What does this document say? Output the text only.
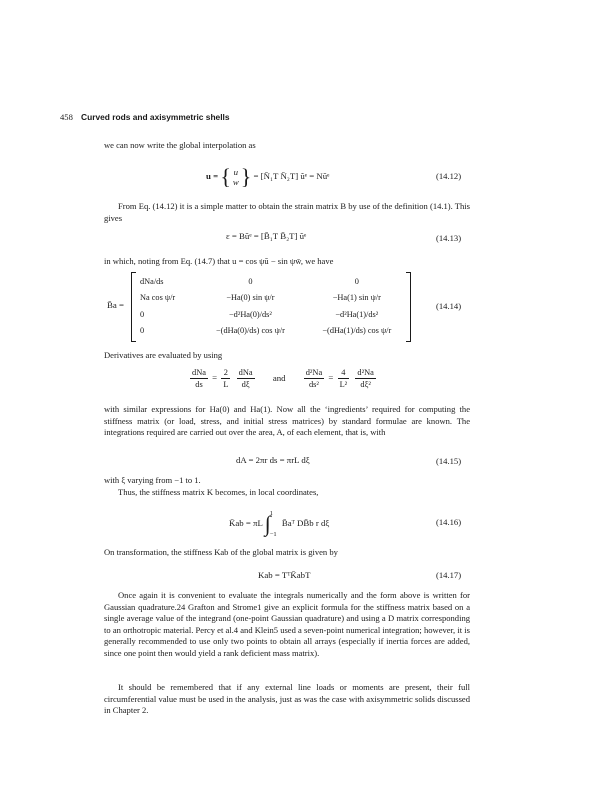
458 Curved rods and axisymmetric shells

we can now write the global interpolation as

u = { u
w } = [N̄₁T N̄₂T] ũᵉ = Nũᵉ	(14.12)

From Eq. (14.12) it is a simple matter to obtain the strain matrix B by use of the definition (14.1). This gives

ε = Bũᵉ = [B̄₁T B̄₂T] ũᵉ	(14.13)

in which, noting from Eq. (14.7) that u = cos ψū − sin ψw̄, we have

B̄a =
dNa/ds	0	0
Na cos ψ/r	−Ha(0) sin ψ/r	−Ha(1) sin ψ/r
0	−d²Ha(0)/ds²	−d²Ha(1)/ds²
0	−(dHa(0)/ds) cos ψ/r	−(dHa(1)/ds) cos ψ/r
(14.14)

Derivatives are evaluated by using

$\frac{\text{dNa}}{ds} = \frac{2}{L}$
$\frac{\text{dNa}}{d\xi}$ and $\frac{\text{d²Na}}{\text{ds²}} = \frac{4}{\text{L²}}$
$\frac{\text{d²Na}}{\text{dξ²}}$

with similar expressions for Ha(0) and Ha(1). Now all the ‘ingredients’ required for computing the stiffness matrix (or load, stress, and initial stress matrices) by standard formulae are known. The integrations required are carried out over the area, A, of each element, that is, with

dA = 2πr ds = πrL dξ	(14.15)

with ξ varying from −1 to 1.

Thus, the stiffness matrix K becomes, in local coordinates,

K̄ab = πL ∫ 1
−1
B̄aᵀ DB̄b r dξ	(14.16)

On transformation, the stiffness Kab of the global matrix is given by

Kab = TᵀK̄abT	(14.17)

Once again it is convenient to evaluate the integrals numerically and the form above is written for Gaussian quadrature.24 Grafton and Strome1 give an explicit formula for the stiffness matrix based on a single average value of the integrand (one-point Gaussian quadrature) and using a D matrix corresponding to an orthotropic material. Percy et al.4 and Klein5 used a seven-point numerical integration; however, it is generally recommended to use only two points to obtain all arrays (especially if inertia forces are added, since one point then would yield a rank deficient mass matrix).

It should be remembered that if any external line loads or moments are present, their full circumferential value must be used in the analysis, just as was the case with axisymmetric solids discussed in Chapter 2.
